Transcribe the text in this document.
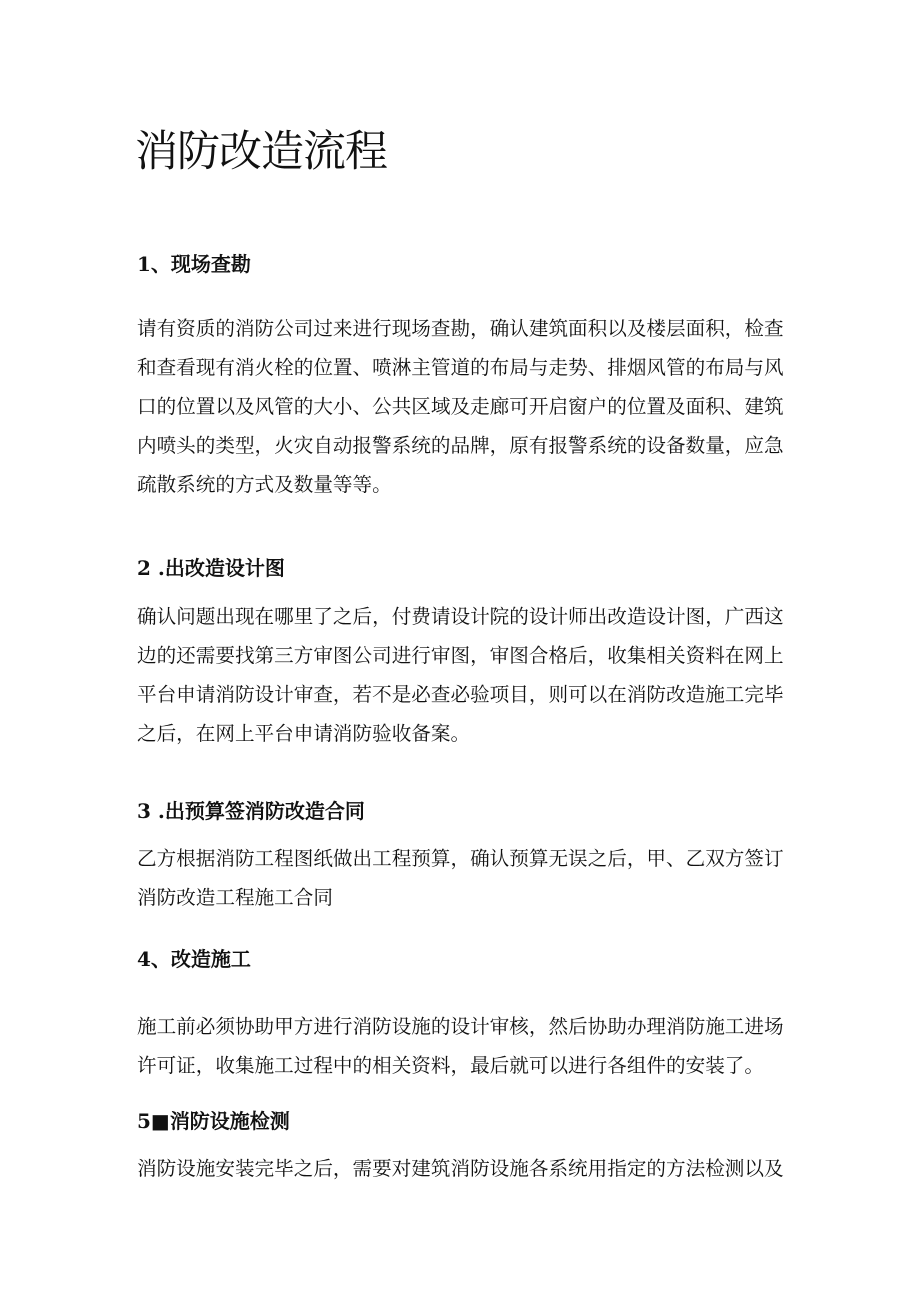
消防改造流程
1、现场查勘
请有资质的消防公司过来进行现场查勘，确认建筑面积以及楼层面积，检查
和查看现有消火栓的位置、喷淋主管道的布局与走势、排烟风管的布局与风
口的位置以及风管的大小、公共区域及走廊可开启窗户的位置及面积、建筑
内喷头的类型，火灾自动报警系统的品牌，原有报警系统的设备数量，应急
疏散系统的方式及数量等等。
2 .出改造设计图
确认问题出现在哪里了之后，付费请设计院的设计师出改造设计图，广西这
边的还需要找第三方审图公司进行审图，审图合格后，收集相关资料在网上
平台申请消防设计审查，若不是必查必验项目，则可以在消防改造施工完毕
之后，在网上平台申请消防验收备案。
3 .出预算签消防改造合同
乙方根据消防工程图纸做出工程预算，确认预算无误之后，甲、乙双方签订
消防改造工程施工合同
4、改造施工
施工前必须协助甲方进行消防设施的设计审核，然后协助办理消防施工进场
许可证，收集施工过程中的相关资料，最后就可以进行各组件的安装了。
5■消防设施检测
消防设施安装完毕之后，需要对建筑消防设施各系统用指定的方法检测以及
